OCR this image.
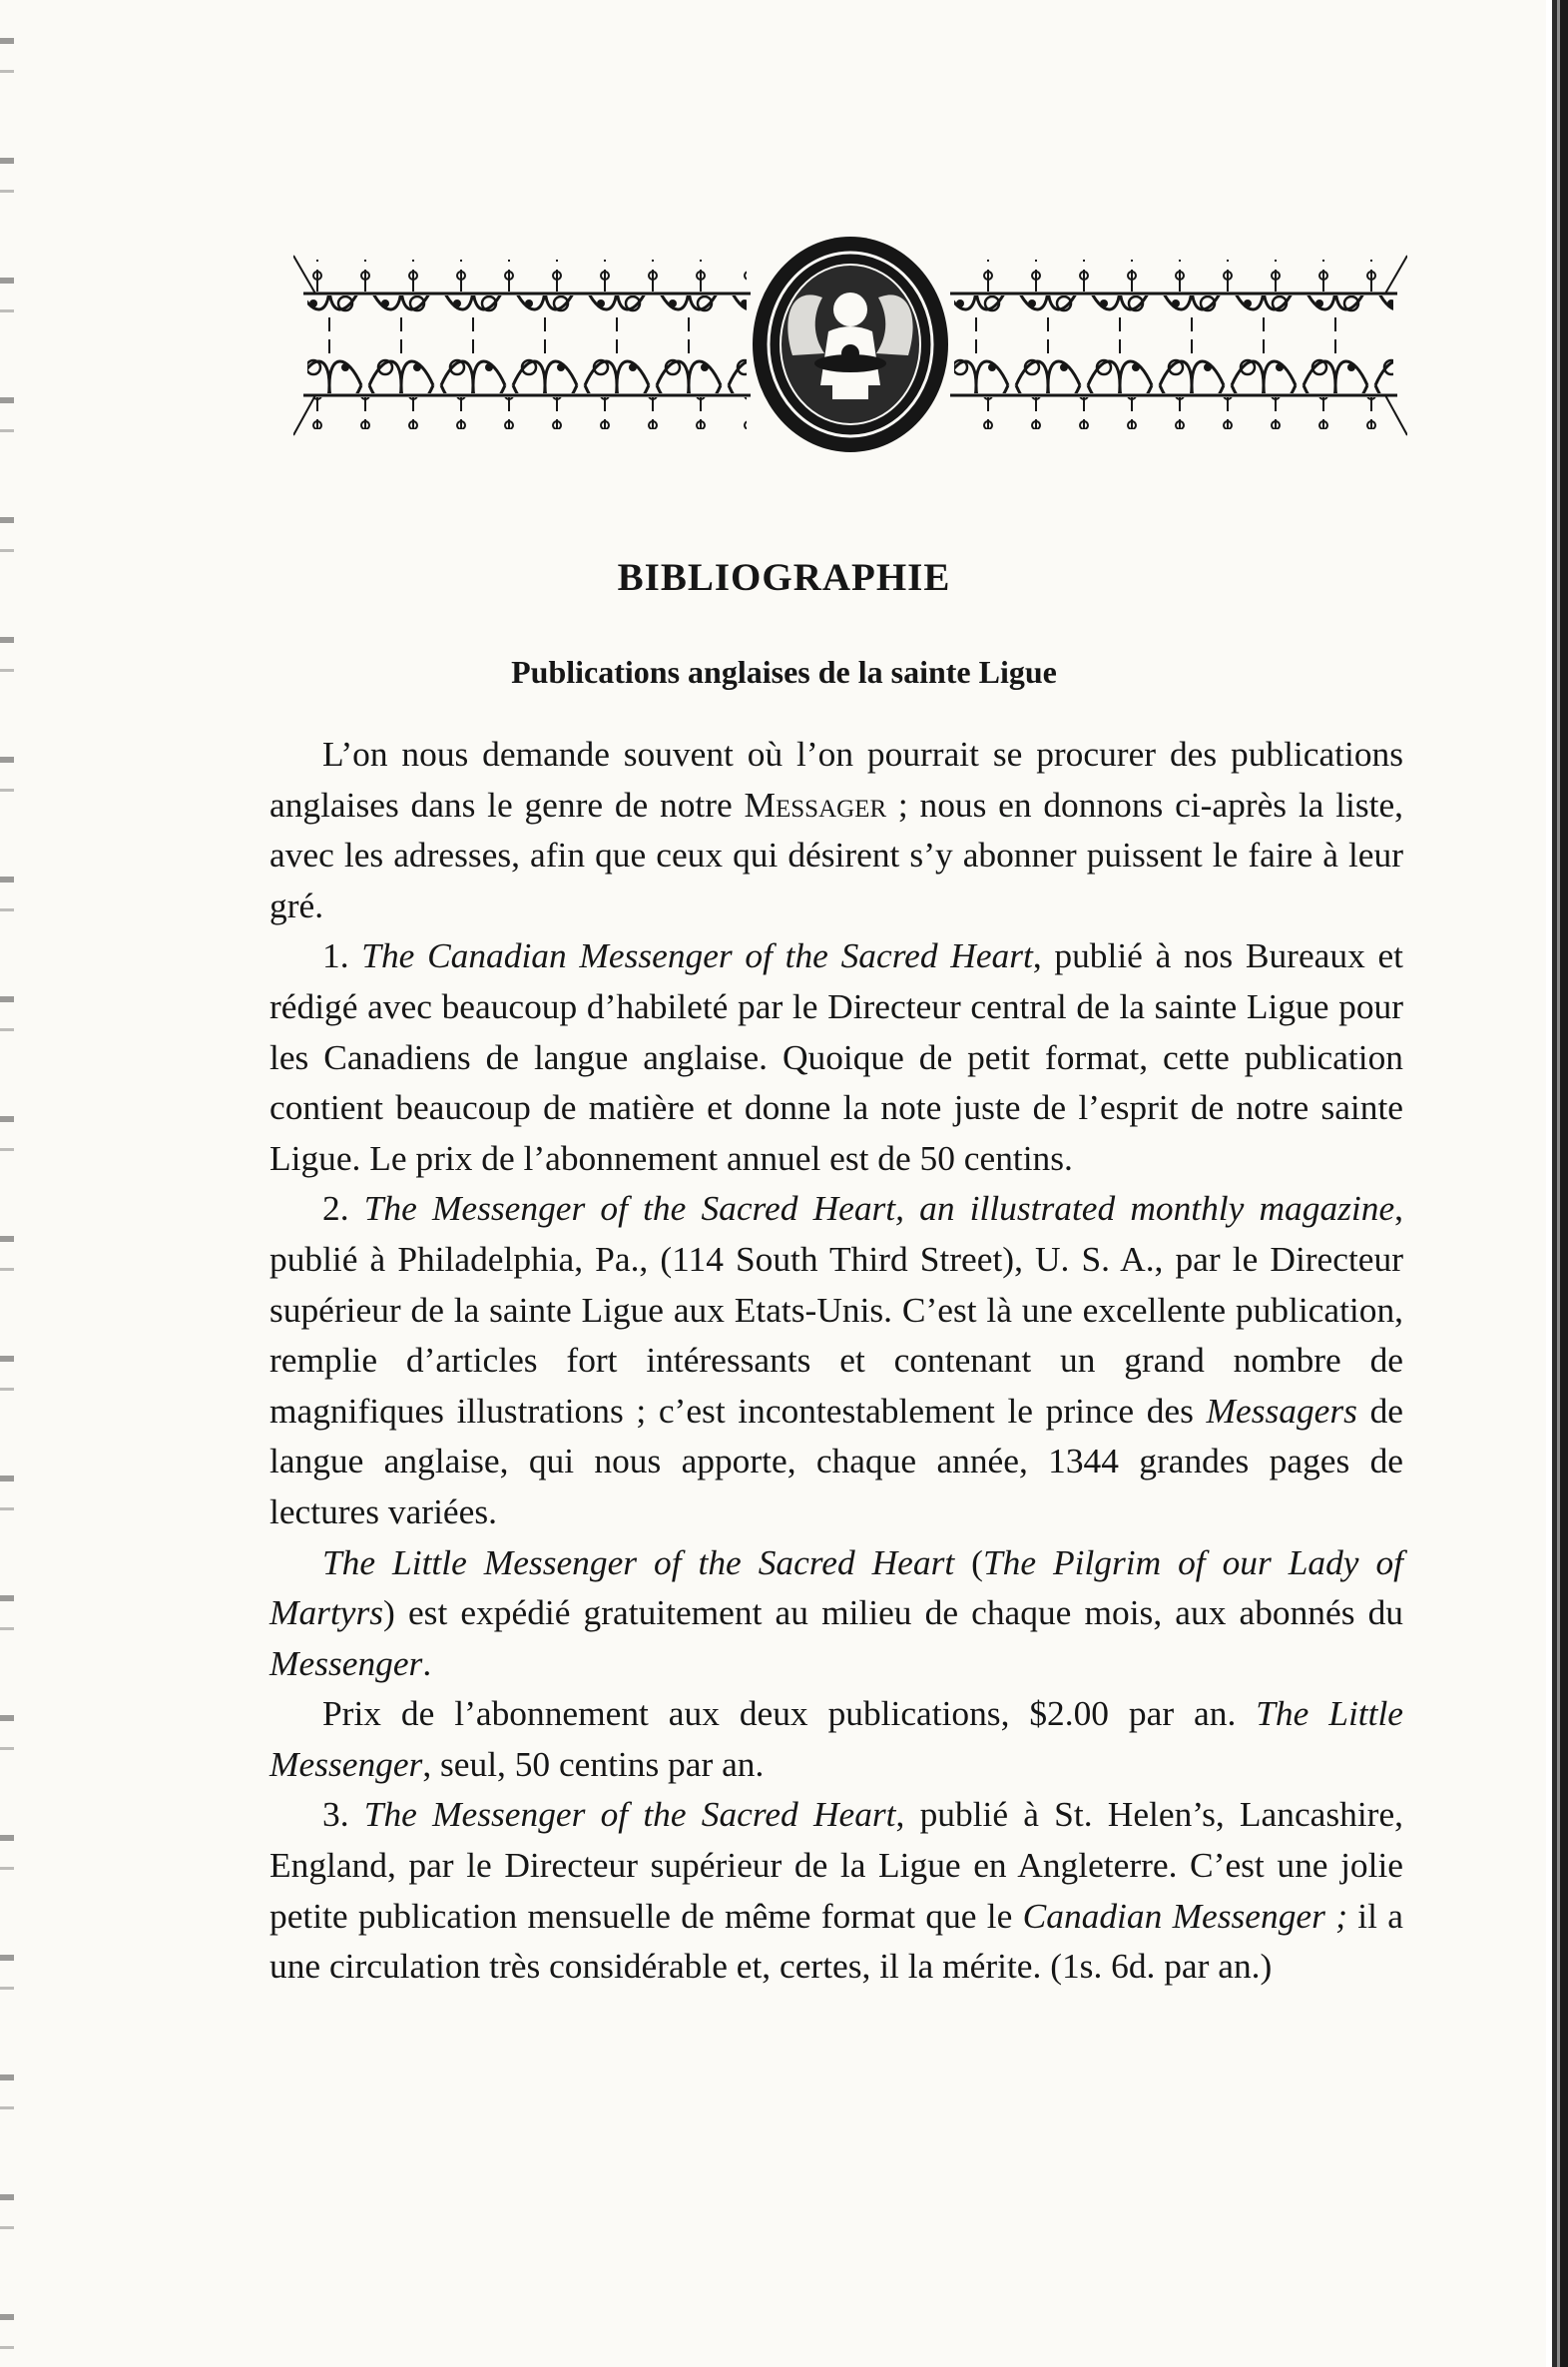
BIBLIOGRAPHIE
Publications anglaises de la sainte Ligue

L’on nous demande souvent où l’on pourrait se procurer des publications anglaises dans le genre de notre Messager ; nous en donnons ci-après la liste, avec les adresses, afin que ceux qui désirent s’y abonner puissent le faire à leur gré.

1. The Canadian Messenger of the Sacred Heart, publié à nos Bureaux et rédigé avec beaucoup d’habileté par le Directeur central de la sainte Ligue pour les Canadiens de langue anglaise. Quoique de petit format, cette publication contient beaucoup de matière et donne la note juste de l’esprit de notre sainte Ligue. Le prix de l’abonnement annuel est de 50 centins.

2. The Messenger of the Sacred Heart, an illustrated monthly magazine, publié à Philadelphia, Pa., (114 South Third Street), U. S. A., par le Directeur supérieur de la sainte Ligue aux Etats-Unis. C’est là une excellente publication, remplie d’articles fort intéressants et contenant un grand nombre de magnifiques illustrations ; c’est incontestablement le prince des Messagers de langue anglaise, qui nous apporte, chaque année, 1344 grandes pages de lectures variées.

The Little Messenger of the Sacred Heart (The Pilgrim of our Lady of Martyrs) est expédié gratuitement au milieu de chaque mois, aux abonnés du Messenger.

Prix de l’abonnement aux deux publications, $2.00 par an. The Little Messenger, seul, 50 centins par an.

3. The Messenger of the Sacred Heart, publié à St. Helen’s, Lancashire, England, par le Directeur supérieur de la Ligue en Angleterre. C’est une jolie petite publication mensuelle de même format que le Canadian Messenger ; il a une circulation très considérable et, certes, il la mérite. (1s. 6d. par an.)
